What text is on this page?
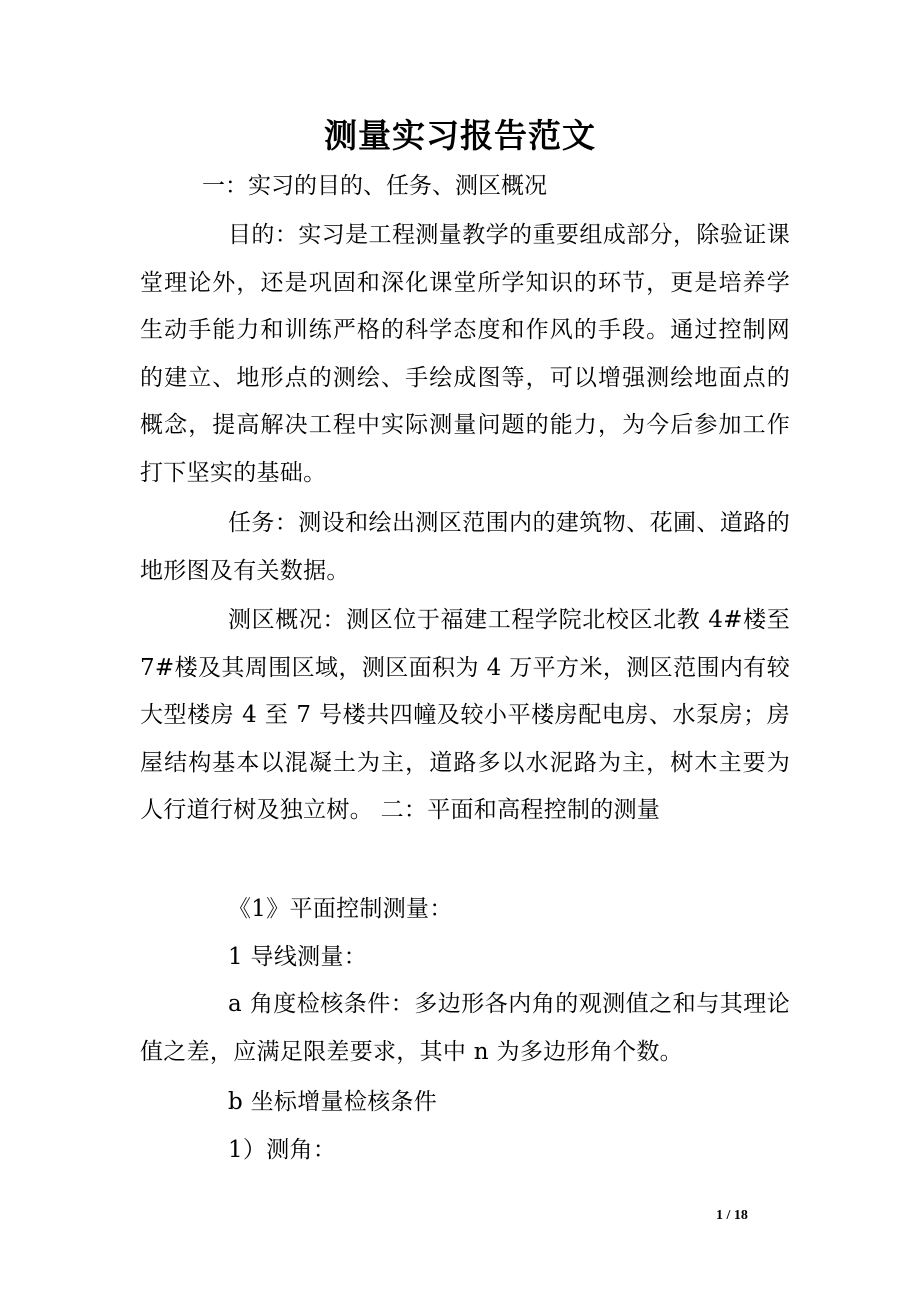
测量实习报告范文

一：实习的目的、任务、测区概况

目的：实习是工程测量教学的重要组成部分，除验证课堂理论外，还是巩固和深化课堂所学知识的环节，更是培养学生动手能力和训练严格的科学态度和作风的手段。通过控制网的建立、地形点的测绘、手绘成图等，可以增强测绘地面点的概念，提高解决工程中实际测量问题的能力，为今后参加工作打下坚实的基础。

任务：测设和绘出测区范围内的建筑物、花圃、道路的地形图及有关数据。

测区概况：测区位于福建工程学院北校区北教 4#楼至 7#楼及其周围区域，测区面积为 4 万平方米，测区范围内有较大型楼房 4 至 7 号楼共四幢及较小平楼房配电房、水泵房；房屋结构基本以混凝土为主，道路多以水泥路为主，树木主要为人行道行树及独立树。 二：平面和高程控制的测量

《1》平面控制测量：

1 导线测量：

a 角度检核条件：多边形各内角的观测值之和与其理论值之差，应满足限差要求，其中 n 为多边形角个数。

b 坐标增量检核条件

1）测角：

1 / 18
